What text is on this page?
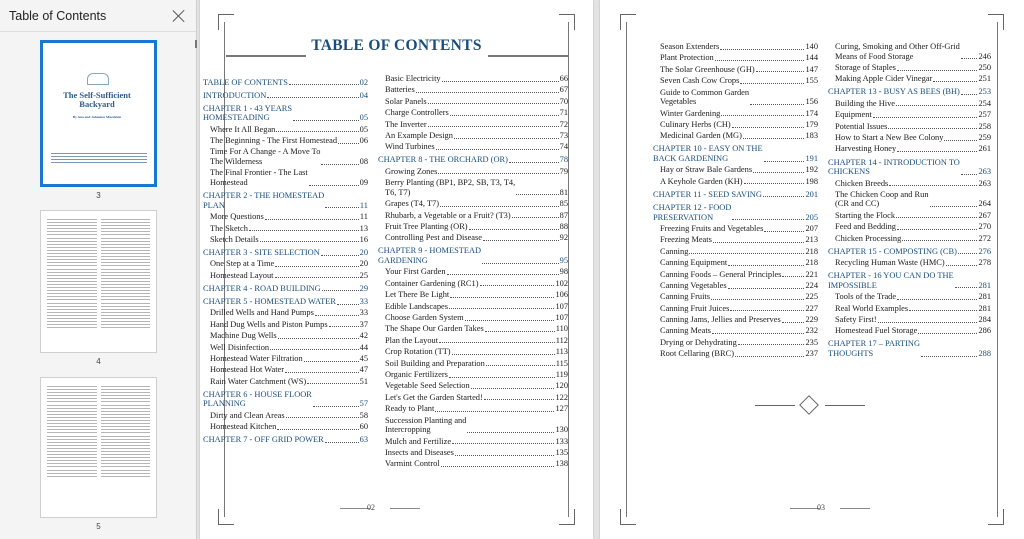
Table of Contents
The Self-Sufficient Backyard
By Ana and Johannes Mueckinn
3
4
5
TABLE OF CONTENTS
TABLE OF CONTENTS	02
INTRODUCTION	04
CHAPTER 1 - 43 YEARS
HOMESTEADING	05
Where It All Began	05
The Beginning - The First Homestead	06
Time For A Change - A Move To
The Wilderness	08
The Final Frontier - The Last
Homestead	09
CHAPTER 2 - THE HOMESTEAD
PLAN	11
More Questions	11
The Sketch	13
Sketch Details	16
CHAPTER 3 - SITE SELECTION	20
One Step at a Time	20
Homestead Layout	25
CHAPTER 4 - ROAD BUILDING	29
CHAPTER 5 - HOMESTEAD WATER	33
Drilled Wells and Hand Pumps	33
Hand Dug Wells and Piston Pumps	37
Machine Dug Wells	42
Well Disinfection	44
Homestead Water Filtration	45
Homestead Hot Water	47
Rain Water Catchment (WS)	51
CHAPTER 6 - HOUSE FLOOR
PLANNING	57
Dirty and Clean Areas	58
Homestead Kitchen	60
CHAPTER 7 - OFF GRID POWER	63
Basic Electricity	66
Batteries	67
Solar Panels	70
Charge Controllers	71
The Inverter	72
An Example Design	73
Wind Turbines	74
CHAPTER 8 - THE ORCHARD (OR)	78
Growing Zones	79
Berry Planting (BP1, BP2, SB, T3, T4,
T6, T7)	81
Grapes (T4, T7)	85
Rhubarb, a Vegetable or a Fruit? (T3)	87
Fruit Tree Planting (OR)	88
Controlling Pest and Disease	92
CHAPTER 9 - HOMESTEAD
GARDENING	95
Your First Garden	98
Container Gardening (RC1)	102
Let There Be Light	106
Edible Landscapes	107
Choose Garden System	107
The Shape Our Garden Takes	110
Plan the Layout	112
Crop Rotation (TT)	113
Soil Building and Preparation	115
Organic Fertilizers	119
Vegetable Seed Selection	120
Let's Get the Garden Started!	122
Ready to Plant	127
Succession Planting and
Intercropping	130
Mulch and Fertilize	133
Insects and Diseases	135
Varmint Control	138
02
Season Extenders	140
Plant Protection	144
The Solar Greenhouse (GH)	147
Seven Cash Cow Crops	155
Guide to Common Garden
Vegetables	156
Winter Gardening	174
Culinary Herbs (CH)	179
Medicinal Garden (MG)	183
CHAPTER 10 - EASY ON THE
BACK GARDENING	191
Hay or Straw Bale Gardens	192
A Keyhole Garden (KH)	198
CHAPTER 11 - SEED SAVING	201
CHAPTER 12 - FOOD
PRESERVATION	205
Freezing Fruits and Vegetables	207
Freezing Meats	213
Canning	218
Canning Equipment	218
Canning Foods – General Principles	221
Canning Vegetables	224
Canning Fruits	225
Canning Fruit Juices	227
Canning Jams, Jellies and Preserves	229
Canning Meats	232
Drying or Dehydrating	235
Root Cellaring (BRC)	237
Curing, Smoking and Other Off-Grid
Means of Food Storage	246
Storage of Staples	250
Making Apple Cider Vinegar	251
CHAPTER 13 - BUSY AS BEES (BH) 253
Building the Hive	254
Equipment	257
Potential Issues	258
How to Start a New Bee Colony	259
Harvesting Honey	261
CHAPTER 14 - INTRODUCTION TO
CHICKENS	263
Chicken Breeds	263
The Chicken Coop and Run
(CR and CC)	264
Starting the Flock	267
Feed and Bedding	270
Chicken Processing	272
CHAPTER 15 - COMPOSTING (CB)	276
Recycling Human Waste (HMC)	278
CHAPTER - 16 YOU CAN DO THE
IMPOSSIBLE	281
Tools of the Trade	281
Real World Examples	281
Safety First!	284
Homestead Fuel Storage	286
CHAPTER 17 – PARTING
THOUGHTS	288
03
